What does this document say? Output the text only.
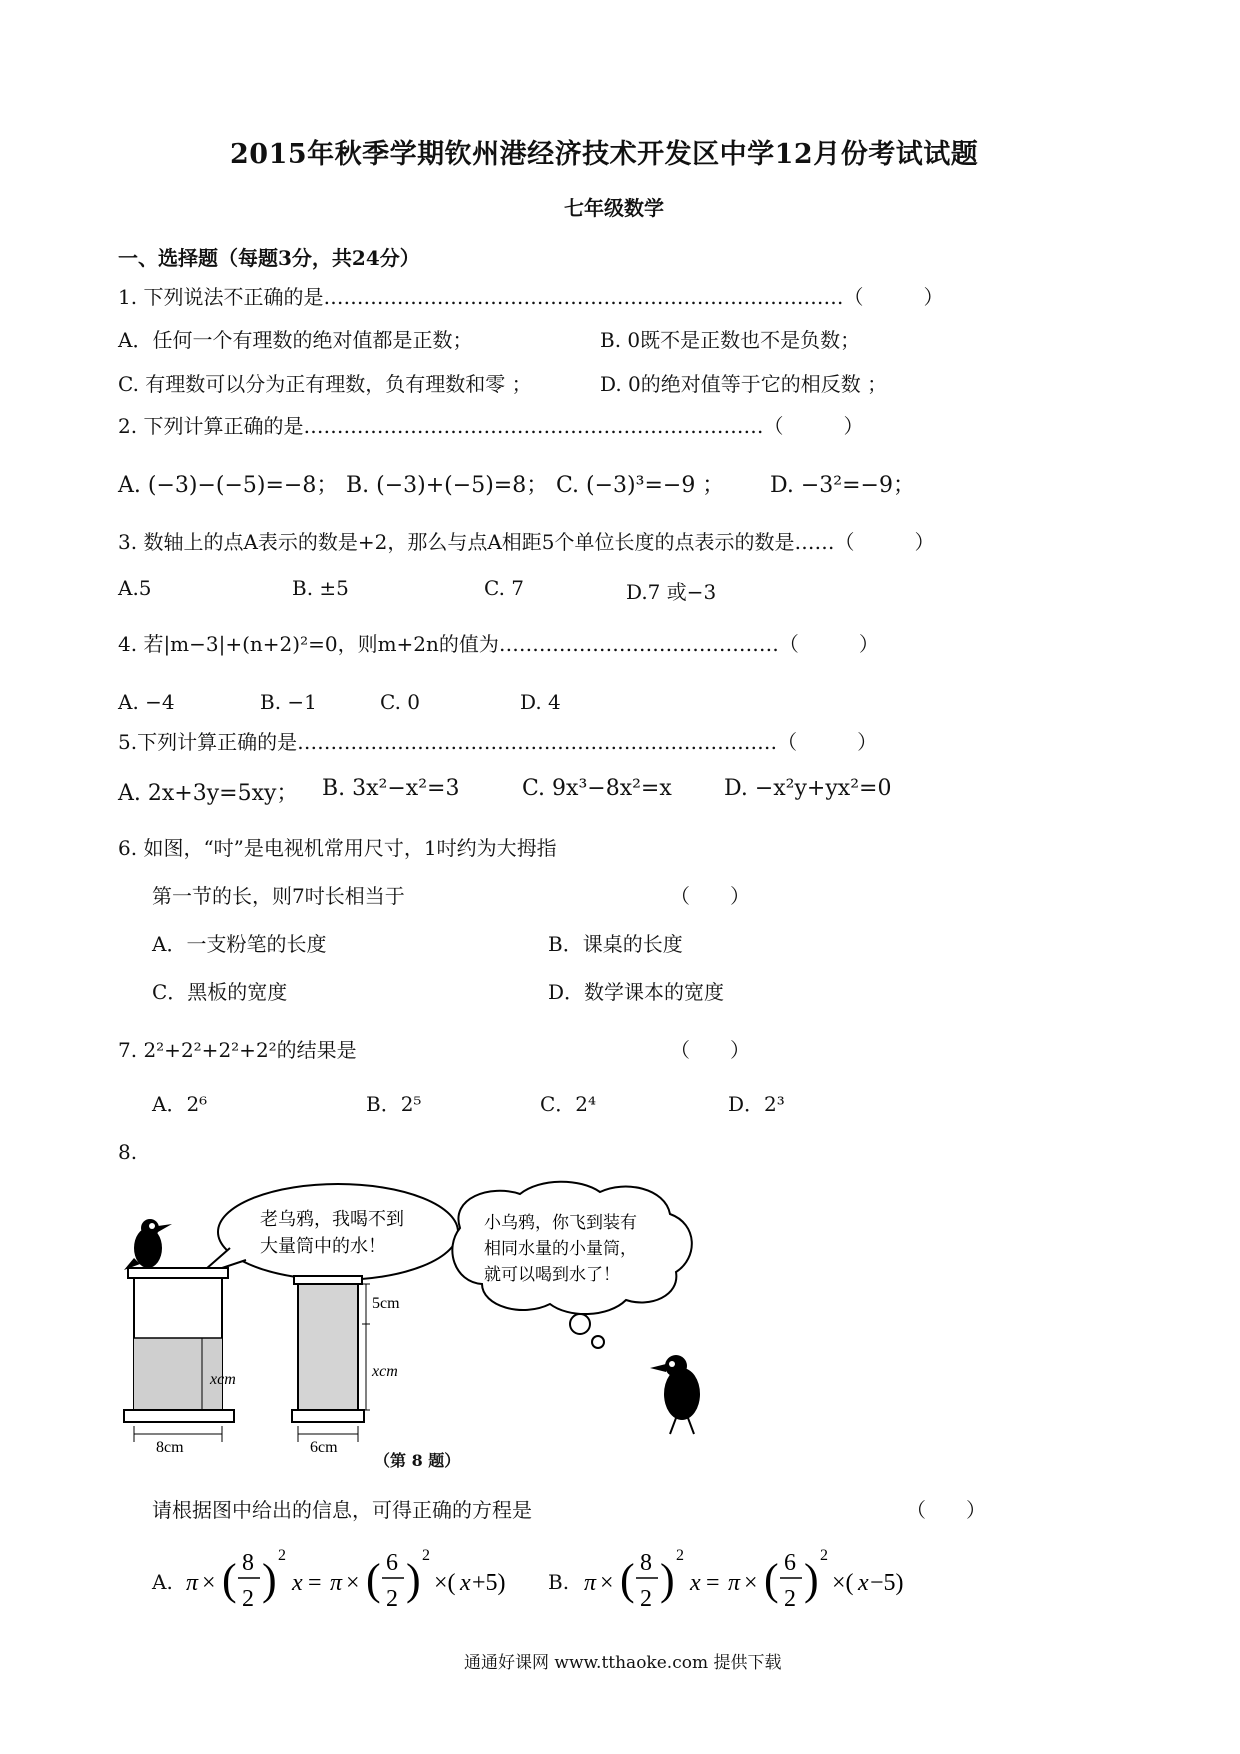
2015年秋季学期钦州港经济技术开发区中学12月份考试试题
七年级数学
一、选择题（每题3分，共24分）
1. 下列说法不正确的是……………………………………………………………………（　　　）
A．任何一个有理数的绝对值都是正数；	B. 0既不是正数也不是负数；
C. 有理数可以分为正有理数，负有理数和零 ；	D. 0的绝对值等于它的相反数 ；
2. 下列计算正确的是……………………………………………………………（　　　）
A. (−3)−(−5)=−8； B. (−3)+(−5)=8； C. (−3)³=−9 ； D. −3²=−9；
3. 数轴上的点A表示的数是+2，那么与点A相距5个单位长度的点表示的数是……（　　　）
A.5	B. ±5	C. 7	D.7 或−3
4. 若|m−3|+(n+2)²=0，则m+2n的值为……………………………………（　　　）
A. −4	B. −1	C. 0	D. 4
5.下列计算正确的是………………………………………………………………（　　　）
A. 2x+3y=5xy； B. 3x²−x²=3	C. 9x³−8x²=x D. −x²y+yx²=0
6. 如图，“吋”是电视机常用尺寸，1吋约为大拇指
第一节的长，则7吋长相当于	（　　）
A．一支粉笔的长度	B．课桌的长度
C．黑板的宽度	D．数学课本的宽度
7. 2²+2²+2²+2²的结果是	（　　）
A．2⁶	B．2⁵	C．2⁴	D．2³
8.
老乌鸦，我喝不到
大量筒中的水！
xcm
8cm
5cm
xcm
6cm
小乌鸦，你飞到装有
相同水量的小量筒，
就可以喝到水了！
（第 8 题）
请根据图中给出的信息，可得正确的方程是	（　　）
A. π × ( 8
2 ) 2
x = π × ( 6
2 ) 2
×( x +5) B. π × ( 8
2 ) 2
x = π × ( 6
2 ) 2
×( x −5)
通通好课网 www.tthaoke.com 提供下载
